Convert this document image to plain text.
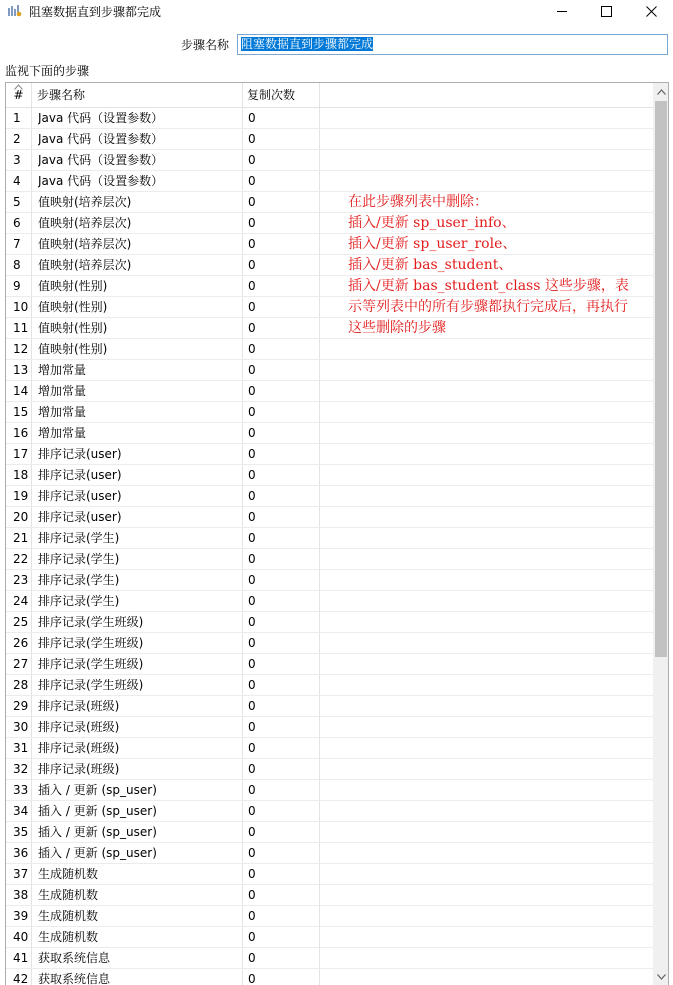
阻塞数据直到步骤都完成
步骤名称 阻塞数据直到步骤都完成
监视下面的步骤
#	步骤名称	复制次数
1	Java 代码（设置参数）	0
2	Java 代码（设置参数）	0
3	Java 代码（设置参数）	0
4	Java 代码（设置参数）	0
5	值映射(培养层次)	0
6	值映射(培养层次)	0
7	值映射(培养层次)	0
8	值映射(培养层次)	0
9	值映射(性别)	0
10 值映射(性别)	0
11 值映射(性别)	0
12 值映射(性别)	0
13 增加常量	0
14 增加常量	0
15 增加常量	0
16 增加常量	0
17 排序记录(user)	0
18 排序记录(user)	0
19 排序记录(user)	0
20 排序记录(user)	0
21 排序记录(学生)	0
22 排序记录(学生)	0
23 排序记录(学生)	0
24 排序记录(学生)	0
25 排序记录(学生班级)	0
26 排序记录(学生班级)	0
27 排序记录(学生班级)	0
28 排序记录(学生班级)	0
29 排序记录(班级)	0
30 排序记录(班级)	0
31 排序记录(班级)	0
32 排序记录(班级)	0
33 插入 / 更新 (sp_user)	0
34 插入 / 更新 (sp_user)	0
35 插入 / 更新 (sp_user)	0
36 插入 / 更新 (sp_user)	0
37 生成随机数	0
38 生成随机数	0
39 生成随机数	0
40 生成随机数	0
41 获取系统信息	0
42 获取系统信息	0
在此步骤列表中删除：
插入/更新 sp_user_info、
插入/更新 sp_user_role、
插入/更新 bas_student、
插入/更新 bas_student_class 这些步骤，表
示等列表中的所有步骤都执行完成后，再执行
这些删除的步骤
